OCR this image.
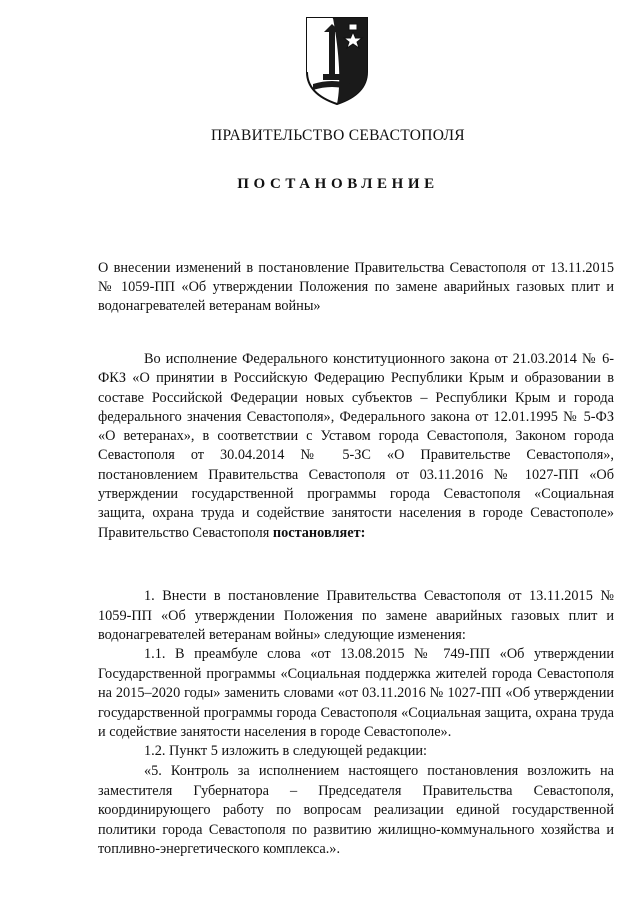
ПРАВИТЕЛЬСТВО СЕВАСТОПОЛЯ
ПОСТАНОВЛЕНИЕ
О внесении изменений в постановление Правительства Севастополя от 13.11.2015 № 1059-ПП «Об утверждении Положения по замене аварийных газовых плит и водонагревателей ветеранам войны»
Во исполнение Федерального конституционного закона от 21.03.2014 № 6-ФКЗ «О принятии в Российскую Федерацию Республики Крым и образовании в составе Российской Федерации новых субъектов – Республики Крым и города федерального значения Севастополя», Федерального закона от 12.01.1995 № 5-ФЗ «О ветеранах», в соответствии с Уставом города Севастополя, Законом города Севастополя от 30.04.2014 № 5-ЗС «О Правительстве Севастополя», постановлением Правительства Севастополя от 03.11.2016 № 1027-ПП «Об утверждении государственной программы города Севастополя «Социальная защита, охрана труда и содействие занятости населения в городе Севастополе» Правительство Севастополя постановляет:
1. Внести в постановление Правительства Севастополя от 13.11.2015 № 1059-ПП «Об утверждении Положения по замене аварийных газовых плит и водонагревателей ветеранам войны» следующие изменения:
1.1. В преамбуле слова «от 13.08.2015 № 749-ПП «Об утверждении Государственной программы «Социальная поддержка жителей города Севастополя на 2015–2020 годы» заменить словами «от 03.11.2016 № 1027-ПП «Об утверждении государственной программы города Севастополя «Социальная защита, охрана труда и содействие занятости населения в городе Севастополе».
1.2. Пункт 5 изложить в следующей редакции:
«5. Контроль за исполнением настоящего постановления возложить на заместителя Губернатора – Председателя Правительства Севастополя, координирующего работу по вопросам реализации единой государственной политики города Севастополя по развитию жилищно-коммунального хозяйства и топливно-энергетического комплекса.».
